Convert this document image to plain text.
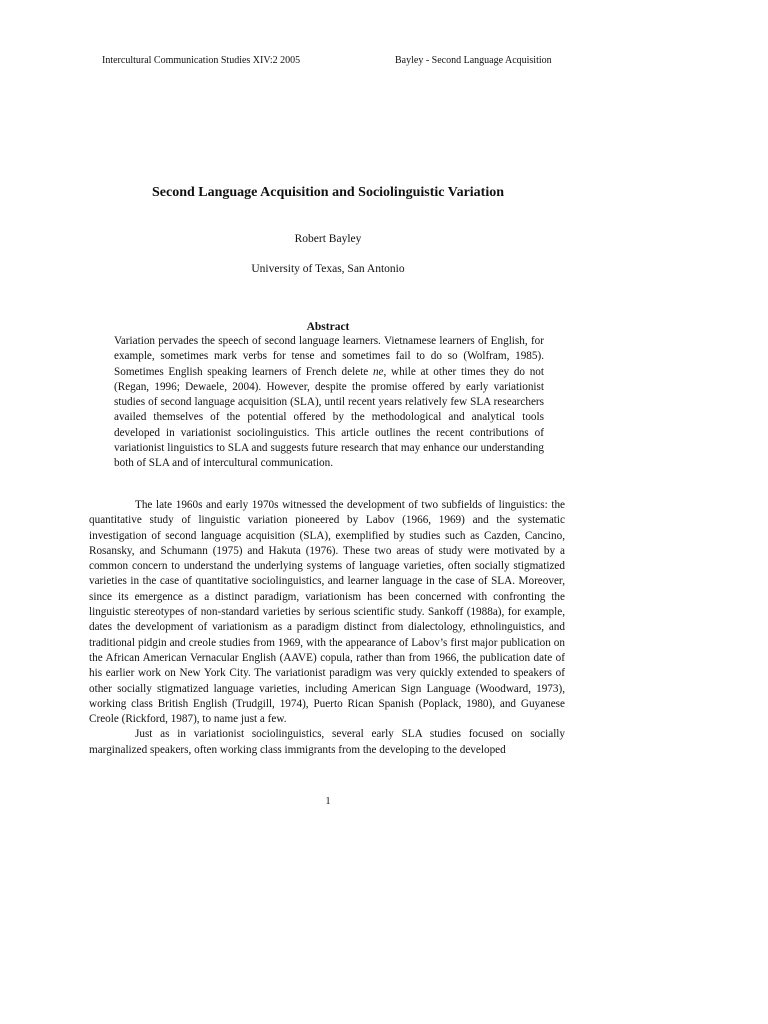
Intercultural Communication Studies XIV:2 2005	Bayley - Second Language Acquisition
Second Language Acquisition and Sociolinguistic Variation
Robert Bayley
University of Texas, San Antonio
Abstract
Variation pervades the speech of second language learners. Vietnamese learners of English, for example, sometimes mark verbs for tense and sometimes fail to do so (Wolfram, 1985). Sometimes English speaking learners of French delete ne, while at other times they do not (Regan, 1996; Dewaele, 2004). However, despite the promise offered by early variationist studies of second language acquisition (SLA), until recent years relatively few SLA researchers availed themselves of the potential offered by the methodological and analytical tools developed in variationist sociolinguistics. This article outlines the recent contributions of variationist linguistics to SLA and suggests future research that may enhance our understanding both of SLA and of intercultural communication.

The late 1960s and early 1970s witnessed the development of two subfields of linguistics: the quantitative study of linguistic variation pioneered by Labov (1966, 1969) and the systematic investigation of second language acquisition (SLA), exemplified by studies such as Cazden, Cancino, Rosansky, and Schumann (1975) and Hakuta (1976). These two areas of study were motivated by a common concern to understand the underlying systems of language varieties, often socially stigmatized varieties in the case of quantitative sociolinguistics, and learner language in the case of SLA. Moreover, since its emergence as a distinct paradigm, variationism has been concerned with confronting the linguistic stereotypes of non-standard varieties by serious scientific study. Sankoff (1988a), for example, dates the development of variationism as a paradigm distinct from dialectology, ethnolinguistics, and traditional pidgin and creole studies from 1969, with the appearance of Labov’s first major publication on the African American Vernacular English (AAVE) copula, rather than from 1966, the publication date of his earlier work on New York City. The variationist paradigm was very quickly extended to speakers of other socially stigmatized language varieties, including American Sign Language (Woodward, 1973), working class British English (Trudgill, 1974), Puerto Rican Spanish (Poplack, 1980), and Guyanese Creole (Rickford, 1987), to name just a few.

Just as in variationist sociolinguistics, several early SLA studies focused on socially marginalized speakers, often working class immigrants from the developing to the developed

1
